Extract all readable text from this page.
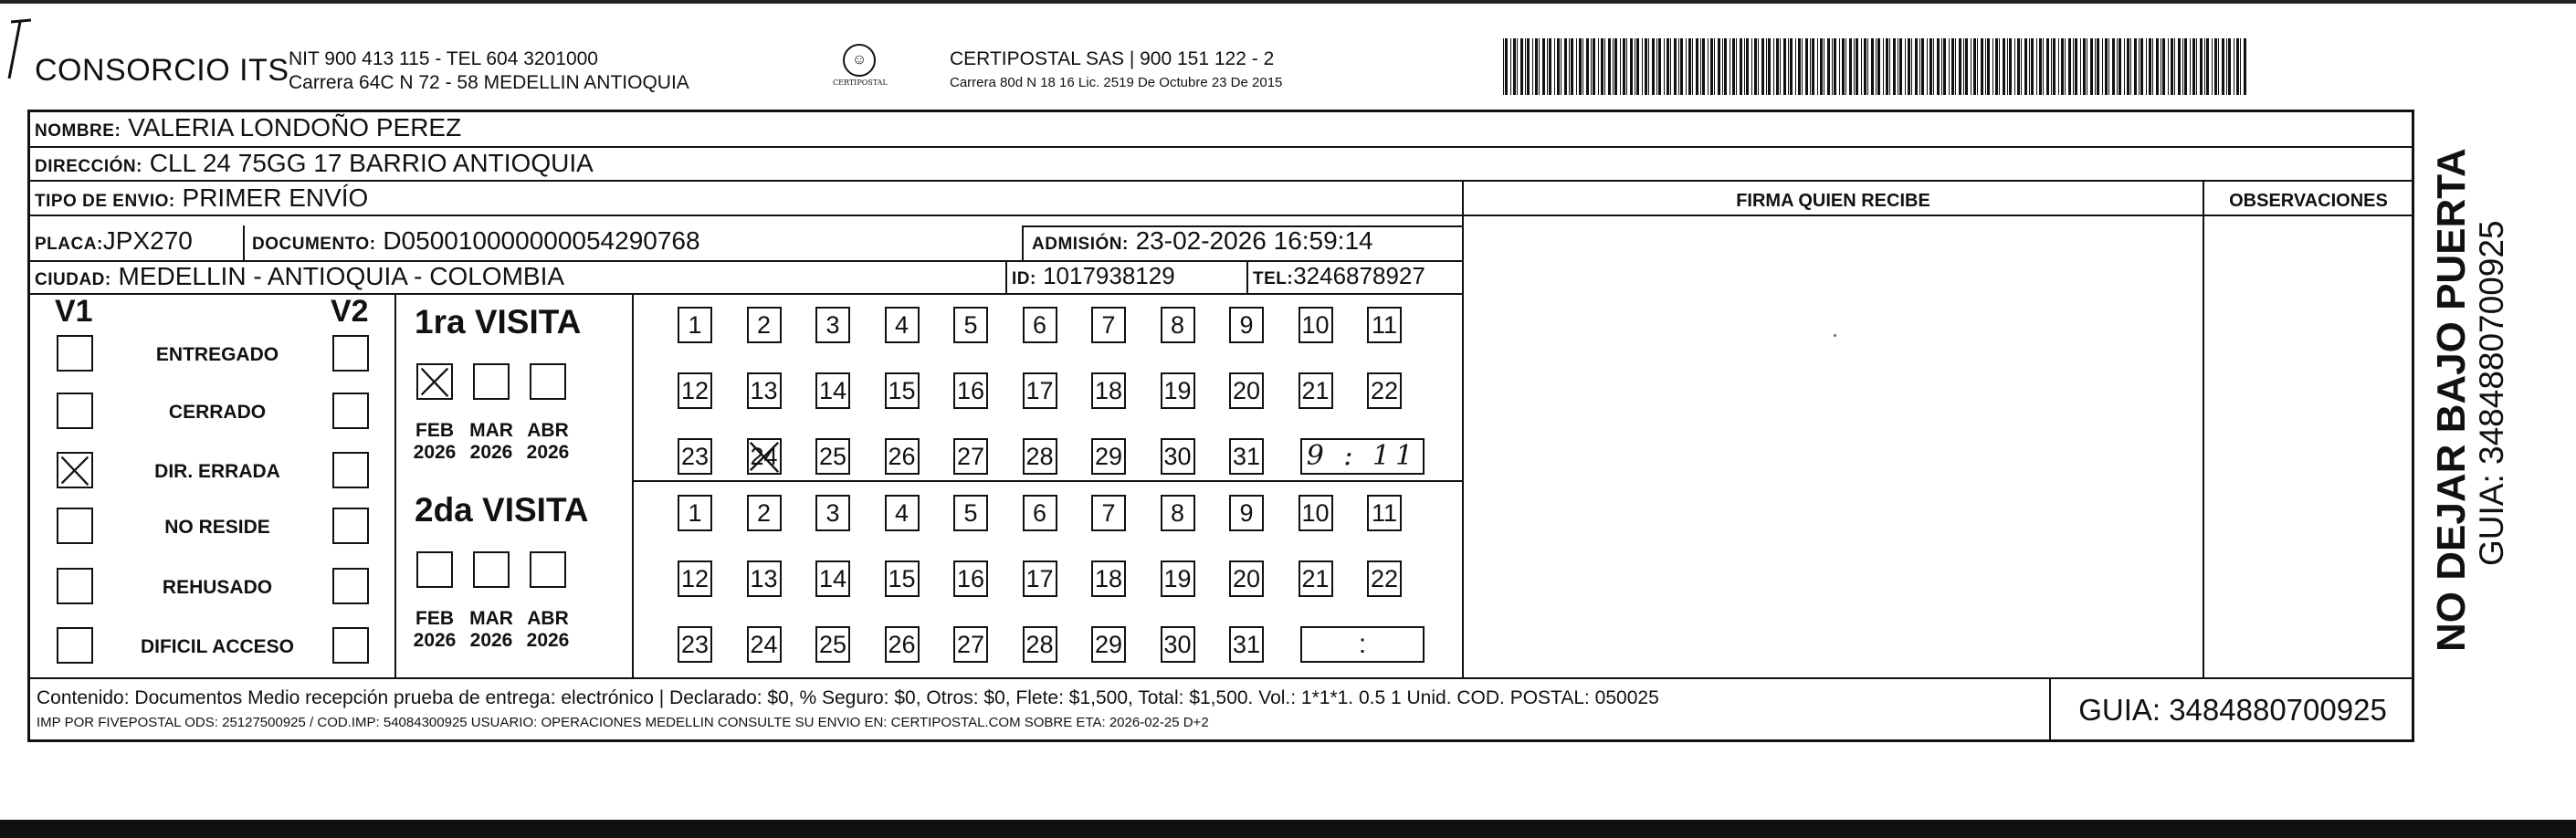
CONSORCIO ITS NIT 900 413 115 - TEL 604 3201000
Carrera 64C N 72 - 58 MEDELLIN ANTIOQUIA
☺
CERTIPOSTAL
CERTIPOSTAL SAS | 900 151 122 - 2
Carrera 80d N 18 16 Lic. 2519 De Octubre 23 De 2015
NOMBRE: VALERIA LONDOÑO PEREZ
DIRECCIÓN: CLL 24 75GG 17 BARRIO ANTIOQUIA
TIPO DE ENVIO: PRIMER ENVÍO
PLACA:JPX270	DOCUMENTO: D050010000000054290768	ADMISIÓN: 23-02-2026 16:59:14
CIUDAD: MEDELLIN - ANTIOQUIA - COLOMBIA	ID: 1017938129	TEL:3246878927
FIRMA QUIEN RECIBE	OBSERVACIONES
V1	V2
ENTREGADO
CERRADO
DIR. ERRADA
NO RESIDE
REHUSADO
DIFICIL ACCESO
1ra VISITA
FEB
2026
MAR
2026
ABR
2026
1	2	3	4	5	6	7	8	9	10 11
12 13 14 15 16 17 18 19 20 21 22
23 24 25 26 27 28 29 30 31 9 : 11
2da VISITA
FEB
2026
MAR
2026
ABR
2026
1	2	3	4	5	6	7	8	9	10 11
12 13 14 15 16 17 18 19 20 21 22
23 24 25 26 27 28 29 30 31	:
Contenido: Documentos Medio recepción prueba de entrega: electrónico | Declarado: $0, % Seguro: $0, Otros: $0, Flete: $1,500, Total: $1,500. Vol.: 1*1*1. 0.5 1 Unid. COD. POSTAL: 050025
IMP POR FIVEPOSTAL ODS: 25127500925 / COD.IMP: 54084300925 USUARIO: OPERACIONES MEDELLIN CONSULTE SU ENVIO EN: CERTIPOSTAL.COM SOBRE ETA: 2026-02-25 D+2	GUIA: 3484880700925
NO DEJAR BAJO PUERTA GUIA: 3484880700925
